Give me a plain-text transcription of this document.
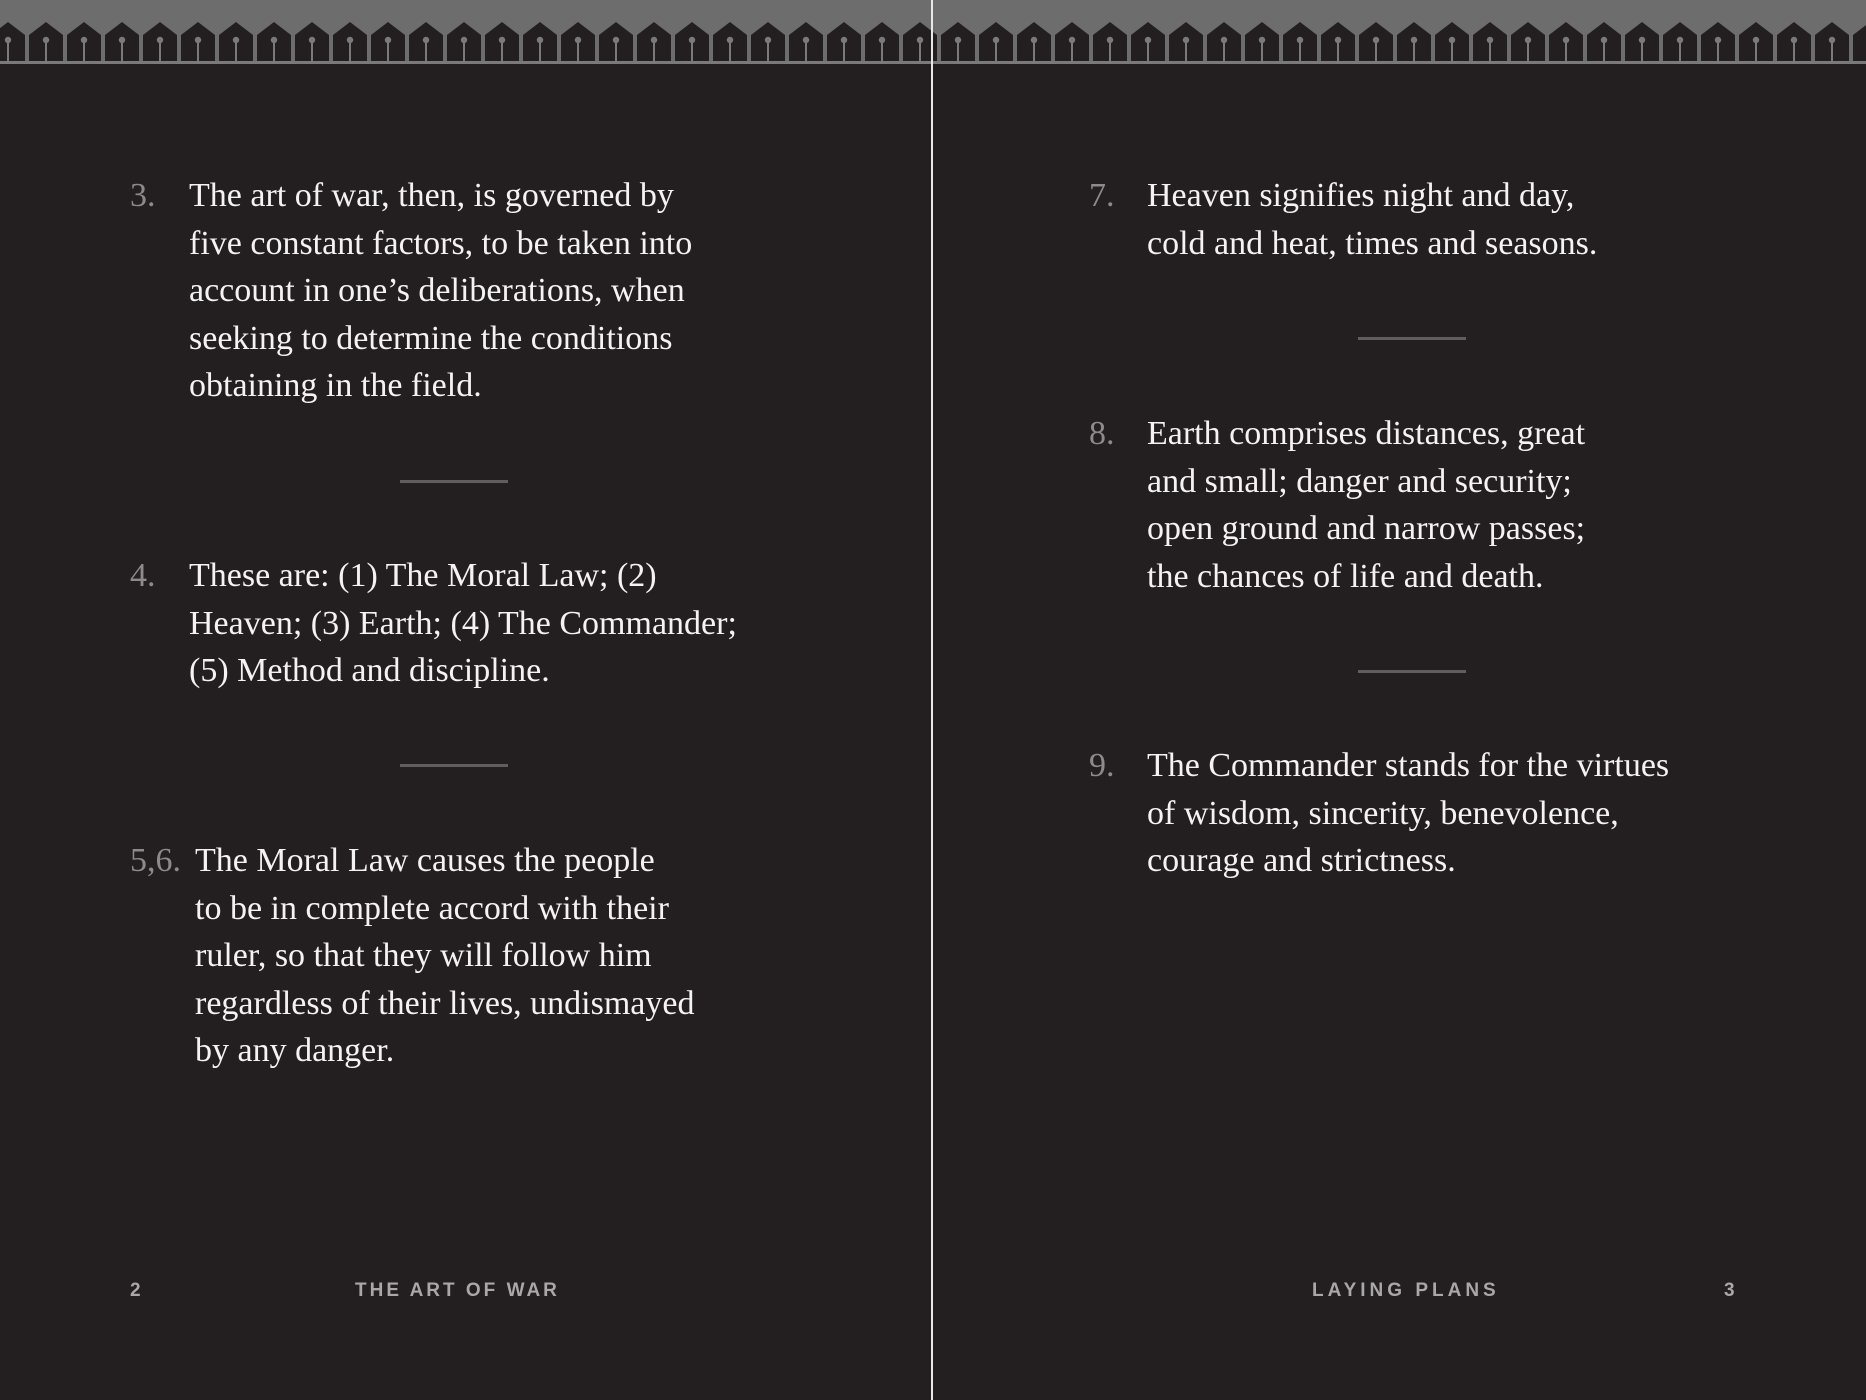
3. The art of war, then, is governed by
five constant factors, to be taken into
account in one’s deliberations, when
seeking to determine the conditions
obtaining in the field.
4. These are: (1) The Moral Law; (2)
Heaven; (3) Earth; (4) The Commander;
(5) Method and discipline.
5,6. The Moral Law causes the people
to be in complete accord with their
ruler, so that they will follow him
regardless of their lives, undismayed
by any danger.
2	THE ART OF WAR
7. Heaven signifies night and day,
cold and heat, times and seasons.
8. Earth comprises distances, great
and small; danger and security;
open ground and narrow passes;
the chances of life and death.
9. The Commander stands for the virtues
of wisdom, sincerity, benevolence,
courage and strictness.
LAYING PLANS	3
